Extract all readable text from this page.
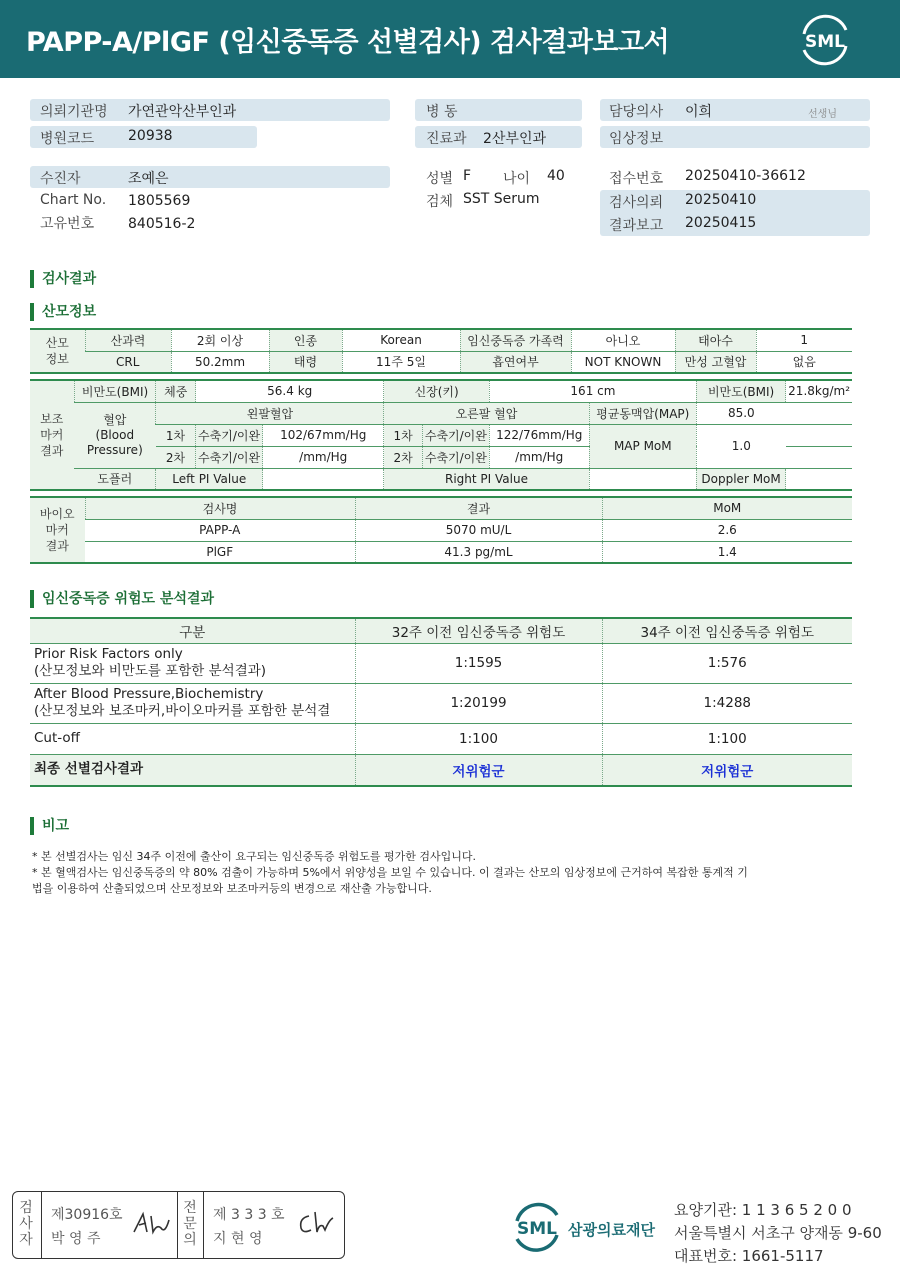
PAPP-A/PlGF (임신중독증 선별검사) 검사결과보고서	SML
의뢰기관명 가연관악산부인과
병원코드 20938
병 동
진료과 2산부인과
담당의사 이희	선생님
임상정보
수진자	조예은
Chart No. 1805569
고유번호 840516-2
성별 F 나이 40
검체 SST Serum
접수번호 20250410-36612
검사의뢰 20250410
결과보고 20250415
검사결과
산모정보
산모
정보	산과력	2회 이상	인종	Korean	임신중독증 가족력	아니오	태아수	1
	CRL	50.2mm	태령	11주 5일	흡연여부	NOT KNOWN	만성 고혈압	없음
보조
마커
결과	비만도(BMI)	체중	56.4 kg		신장(키)		161 cm		비만도(BMI)	21.8kg/m²
	혈압
(Blood
Pressure)	왼팔혈압			오른팔 혈압			평균동맥압(MAP)	85.0	
		1차	수축기/이완	102/67mm/Hg	1차	수축기/이완	122/76mm/Hg	MAP MoM	1.0	
		2차	수축기/이완	/mm/Hg	2차	수축기/이완	/mm/Hg			
	도플러	Left PI Value			Right PI Value				Doppler MoM	
바이오
마커
결과	검사명	결과	MoM
	PAPP-A	5070 mU/L	2.6
	PlGF	41.3 pg/mL	1.4
임신중독증 위험도 분석결과
구분	32주 이전 임신중독증 위험도	34주 이전 임신중독증 위험도
Prior Risk Factors only
(산모정보와 비만도를 포함한 분석결과)	1:1595	1:576
After Blood Pressure,Biochemistry
(산모정보와 보조마커,바이오마커를 포함한 분석결	1:20199	1:4288
Cut-off	1:100	1:100
최종 선별검사결과	저위험군	저위험군
비고
* 본 선별검사는 임신 34주 이전에 출산이 요구되는 임신중독증 위험도를 평가한 검사입니다.
* 본 혈액검사는 임신중독증의 약 80% 검출이 가능하며 5%에서 위양성을 보일 수 있습니다. 이 결과는 산모의 임상정보에 근거하여 복잡한 통계적 기
법을 이용하여 산출되었으며 산모정보와 보조마커등의 변경으로 재산출 가능합니다.
검
사
자
제30916호
박 영 주
전
문
의
제 3 3 3 호
지 현 영	SML 삼광의료재단
요양기관: 1 1 3 6 5 2 0 0
서울특별시 서초구 양재동 9-60
대표번호: 1661-5117
